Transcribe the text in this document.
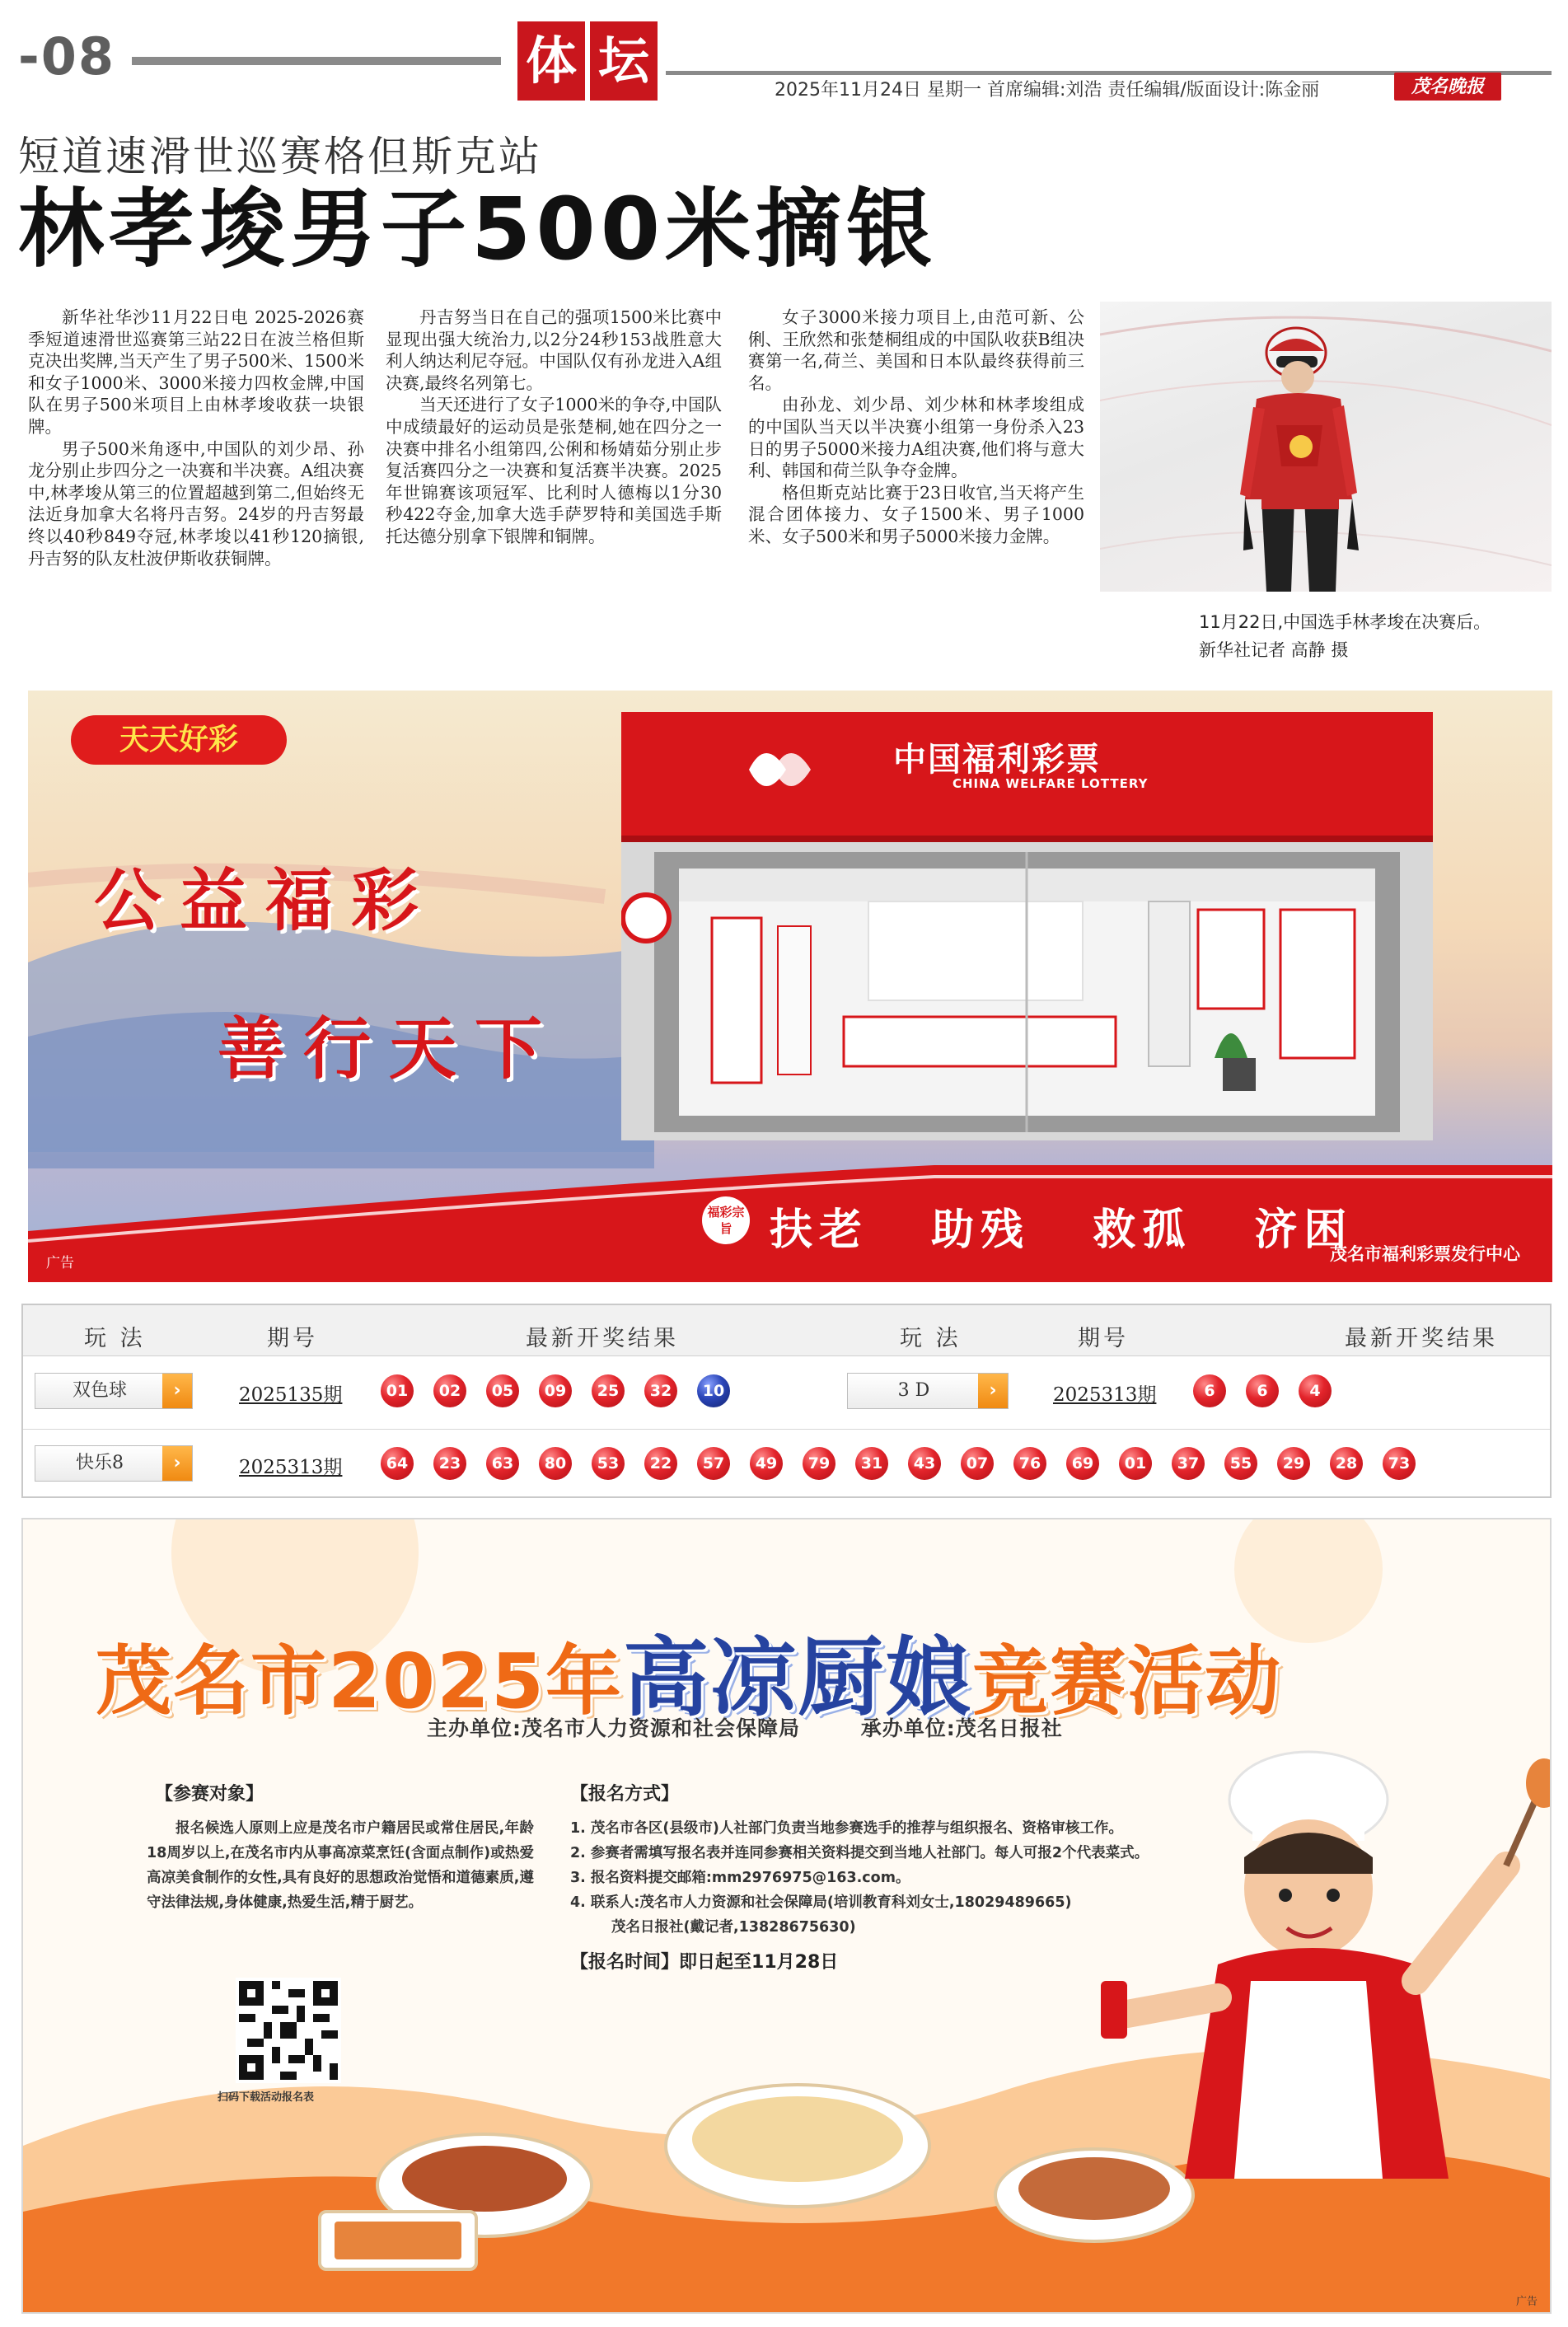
-08	体 坛	2025年11月24日 星期一 首席编辑:刘浩 责任编辑/版面设计:陈金丽	茂名晚报
短道速滑世巡赛格但斯克站
林孝埈男子500米摘银

新华社华沙11月22日电 2025-2026赛季短道速滑世巡赛第三站22日在波兰格但斯克决出奖牌,当天产生了男子500米、1500米和女子1000米、3000米接力四枚金牌,中国队在男子500米项目上由林孝埈收获一块银牌。

男子500米角逐中,中国队的刘少昂、孙龙分别止步四分之一决赛和半决赛。A组决赛中,林孝埈从第三的位置超越到第二,但始终无法近身加拿大名将丹吉努。24岁的丹吉努最终以40秒849夺冠,林孝埈以41秒120摘银,丹吉努的队友杜波伊斯收获铜牌。

丹吉努当日在自己的强项1500米比赛中显现出强大统治力,以2分24秒153战胜意大利人纳达利尼夺冠。中国队仅有孙龙进入A组决赛,最终名列第七。

当天还进行了女子1000米的争夺,中国队中成绩最好的运动员是张楚桐,她在四分之一决赛中排名小组第四,公俐和杨婧茹分别止步复活赛四分之一决赛和复活赛半决赛。2025年世锦赛该项冠军、比利时人德梅以1分30秒422夺金,加拿大选手萨罗特和美国选手斯托达德分别拿下银牌和铜牌。

女子3000米接力项目上,由范可新、公俐、王欣然和张楚桐组成的中国队收获B组决赛第一名,荷兰、美国和日本队最终获得前三名。

由孙龙、刘少昂、刘少林和林孝埈组成的中国队当天以半决赛小组第一身份杀入23日的男子5000米接力A组决赛,他们将与意大利、韩国和荷兰队争夺金牌。

格但斯克站比赛于23日收官,当天将产生混合团体接力、女子1500米、男子1000米、女子500米和男子5000米接力金牌。

11月22日,中国选手林孝埈在决赛后。
新华社记者 高静 摄
天天好彩
公益福彩
善行天下
中国福利彩票
CHINA WELFARE LOTTERY
福彩宗旨 扶老 助残 救孤 济困
茂名市福利彩票发行中心
广告
玩 法	期号	最新开奖结果	玩 法	期号	最新开奖结果
双色球	›	2025135期	01	02	05	09	25	32	10	3 D	›	2025313期	6	6	4
快乐8	›	2025313期	64	23	63	80	53	22	57	49	79	31	43	07	76	69	01	37	55	29	28	73
茂名市2025年高凉厨娘竞赛活动
主办单位:茂名市人力资源和社会保障局	承办单位:茂名日报社
【参赛对象】
报名候选人原则上应是茂名市户籍居民或常住居民,年龄18周岁以上,在茂名市内从事高凉菜烹饪(含面点制作)或热爱高凉美食制作的女性,具有良好的思想政治觉悟和道德素质,遵守法律法规,身体健康,热爱生活,精于厨艺。
【报名方式】
1. 茂名市各区(县级市)人社部门负责当地参赛选手的推荐与组织报名、资格审核工作。
2. 参赛者需填写报名表并连同参赛相关资料提交到当地人社部门。每人可报2个代表菜式。
3. 报名资料提交邮箱:mm2976975@163.com。
4. 联系人:茂名市人力资源和社会保障局(培训教育科刘女士,18029489665)
茂名日报社(戴记者,13828675630)
【报名时间】即日起至11月28日
扫码下载活动报名表
广告
